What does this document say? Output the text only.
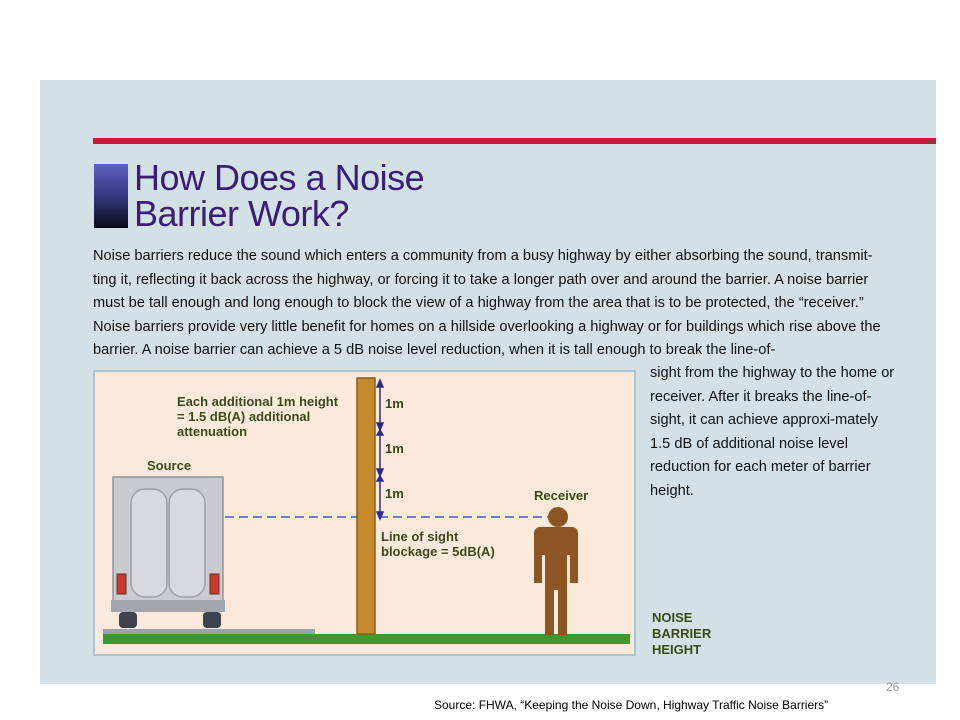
How Does a Noise
Barrier Work?
Noise barriers reduce the sound which enters a community from a busy highway by either absorbing the sound, transmit-ting it, reflecting it back across the highway, or forcing it to take a longer path over and around the barrier. A noise barrier must be tall enough and long enough to block the view of a highway from the area that is to be protected, the “receiver.” Noise barriers provide very little benefit for homes on a hillside overlooking a highway or for buildings which rise above the barrier. A noise barrier can achieve a 5 dB noise level reduction, when it is tall enough to break the line-of-
sight from the highway to the home or receiver. After it breaks the line-of-sight, it can achieve approxi-mately 1.5 dB of additional noise level reduction for each meter of barrier height.
Each additional 1m height
= 1.5 dB(A) additional
attenuation
Source
Receiver
1m
1m
1m
Line of sight
blockage = 5dB(A)
NOISE
BARRIER
HEIGHT
26
Source: FHWA, “Keeping the Noise Down, Highway Traffic Noise Barriers”
